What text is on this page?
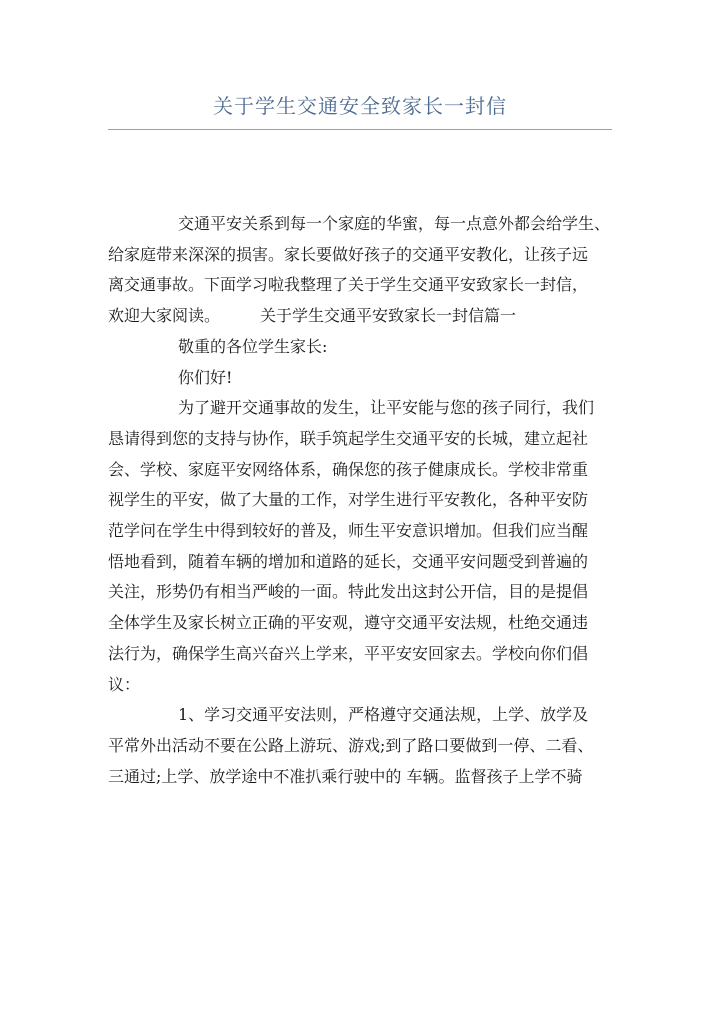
关于学生交通安全致家长一封信

交通平安关系到每一个家庭的华蜜，每一点意外都会给学生、
给家庭带来深深的损害。家长要做好孩子的交通平安教化，让孩子远
离交通事故。下面学习啦我整理了关于学生交通平安致家长一封信，
欢迎大家阅读。	关于学生交通平安致家长一封信篇一

敬重的各位学生家长:

你们好!

为了避开交通事故的发生，让平安能与您的孩子同行，我们
恳请得到您的支持与协作，联手筑起学生交通平安的长城，建立起社
会、学校、家庭平安网络体系，确保您的孩子健康成长。学校非常重
视学生的平安，做了大量的工作，对学生进行平安教化，各种平安防
范学问在学生中得到较好的普及，师生平安意识增加。但我们应当醒
悟地看到，随着车辆的增加和道路的延长，交通平安问题受到普遍的
关注，形势仍有相当严峻的一面。特此发出这封公开信，目的是提倡
全体学生及家长树立正确的平安观，遵守交通平安法规，杜绝交通违
法行为，确保学生高兴奋兴上学来，平平安安回家去。学校向你们倡
议：

1、学习交通平安法则，严格遵守交通法规，上学、放学及
平常外出活动不要在公路上游玩、游戏;到了路口要做到一停、二看、
三通过;上学、放学途中不准扒乘行驶中的 车辆。监督孩子上学不骑
